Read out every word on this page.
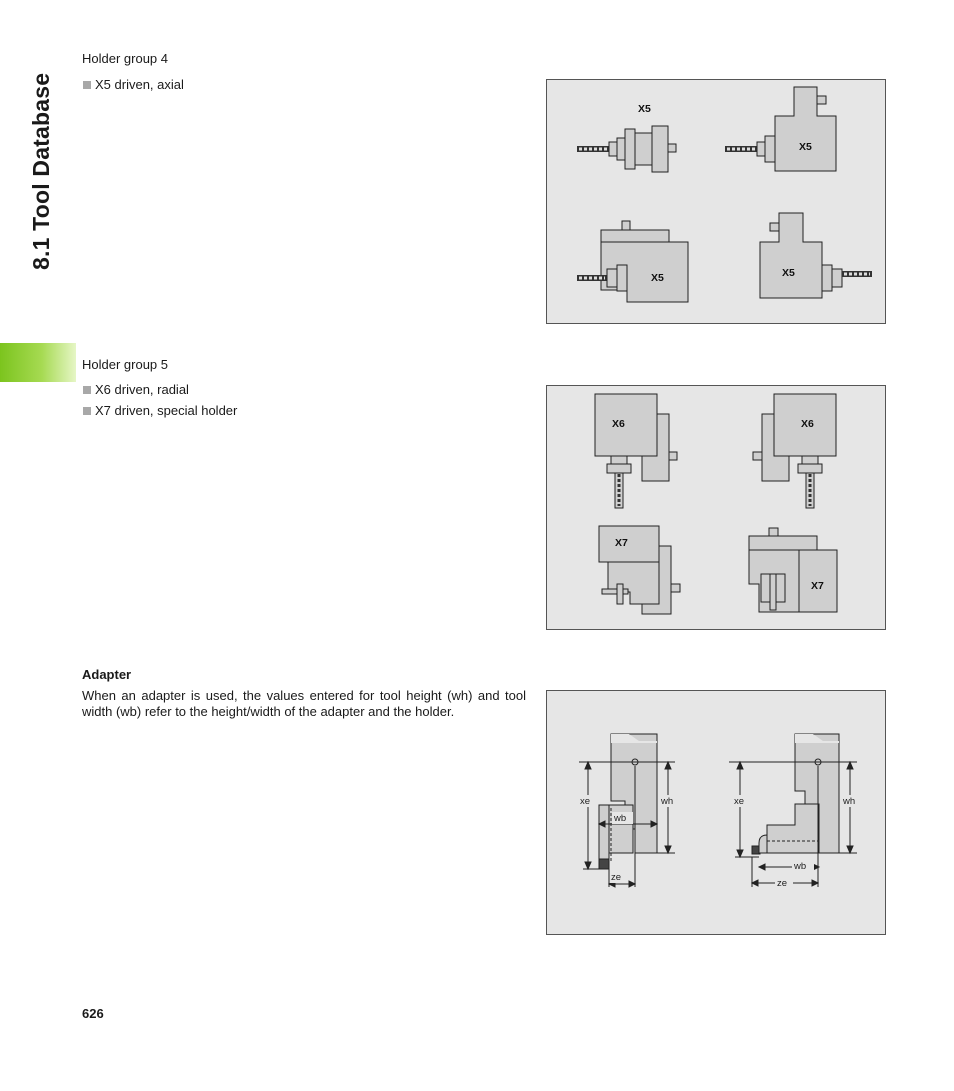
8.1 Tool Database
Holder group 4
X5 driven, axial
Holder group 5
X6 driven, radial
X7 driven, special holder
Adapter
When an adapter is used, the values entered for tool height (wh) and tool width (wb) refer to the height/width of the adapter and the holder.
X5
X5
X5	X5
X6	X6
X7
X7
xe
wb
wh
ze
xe	wh
wb
ze
626
